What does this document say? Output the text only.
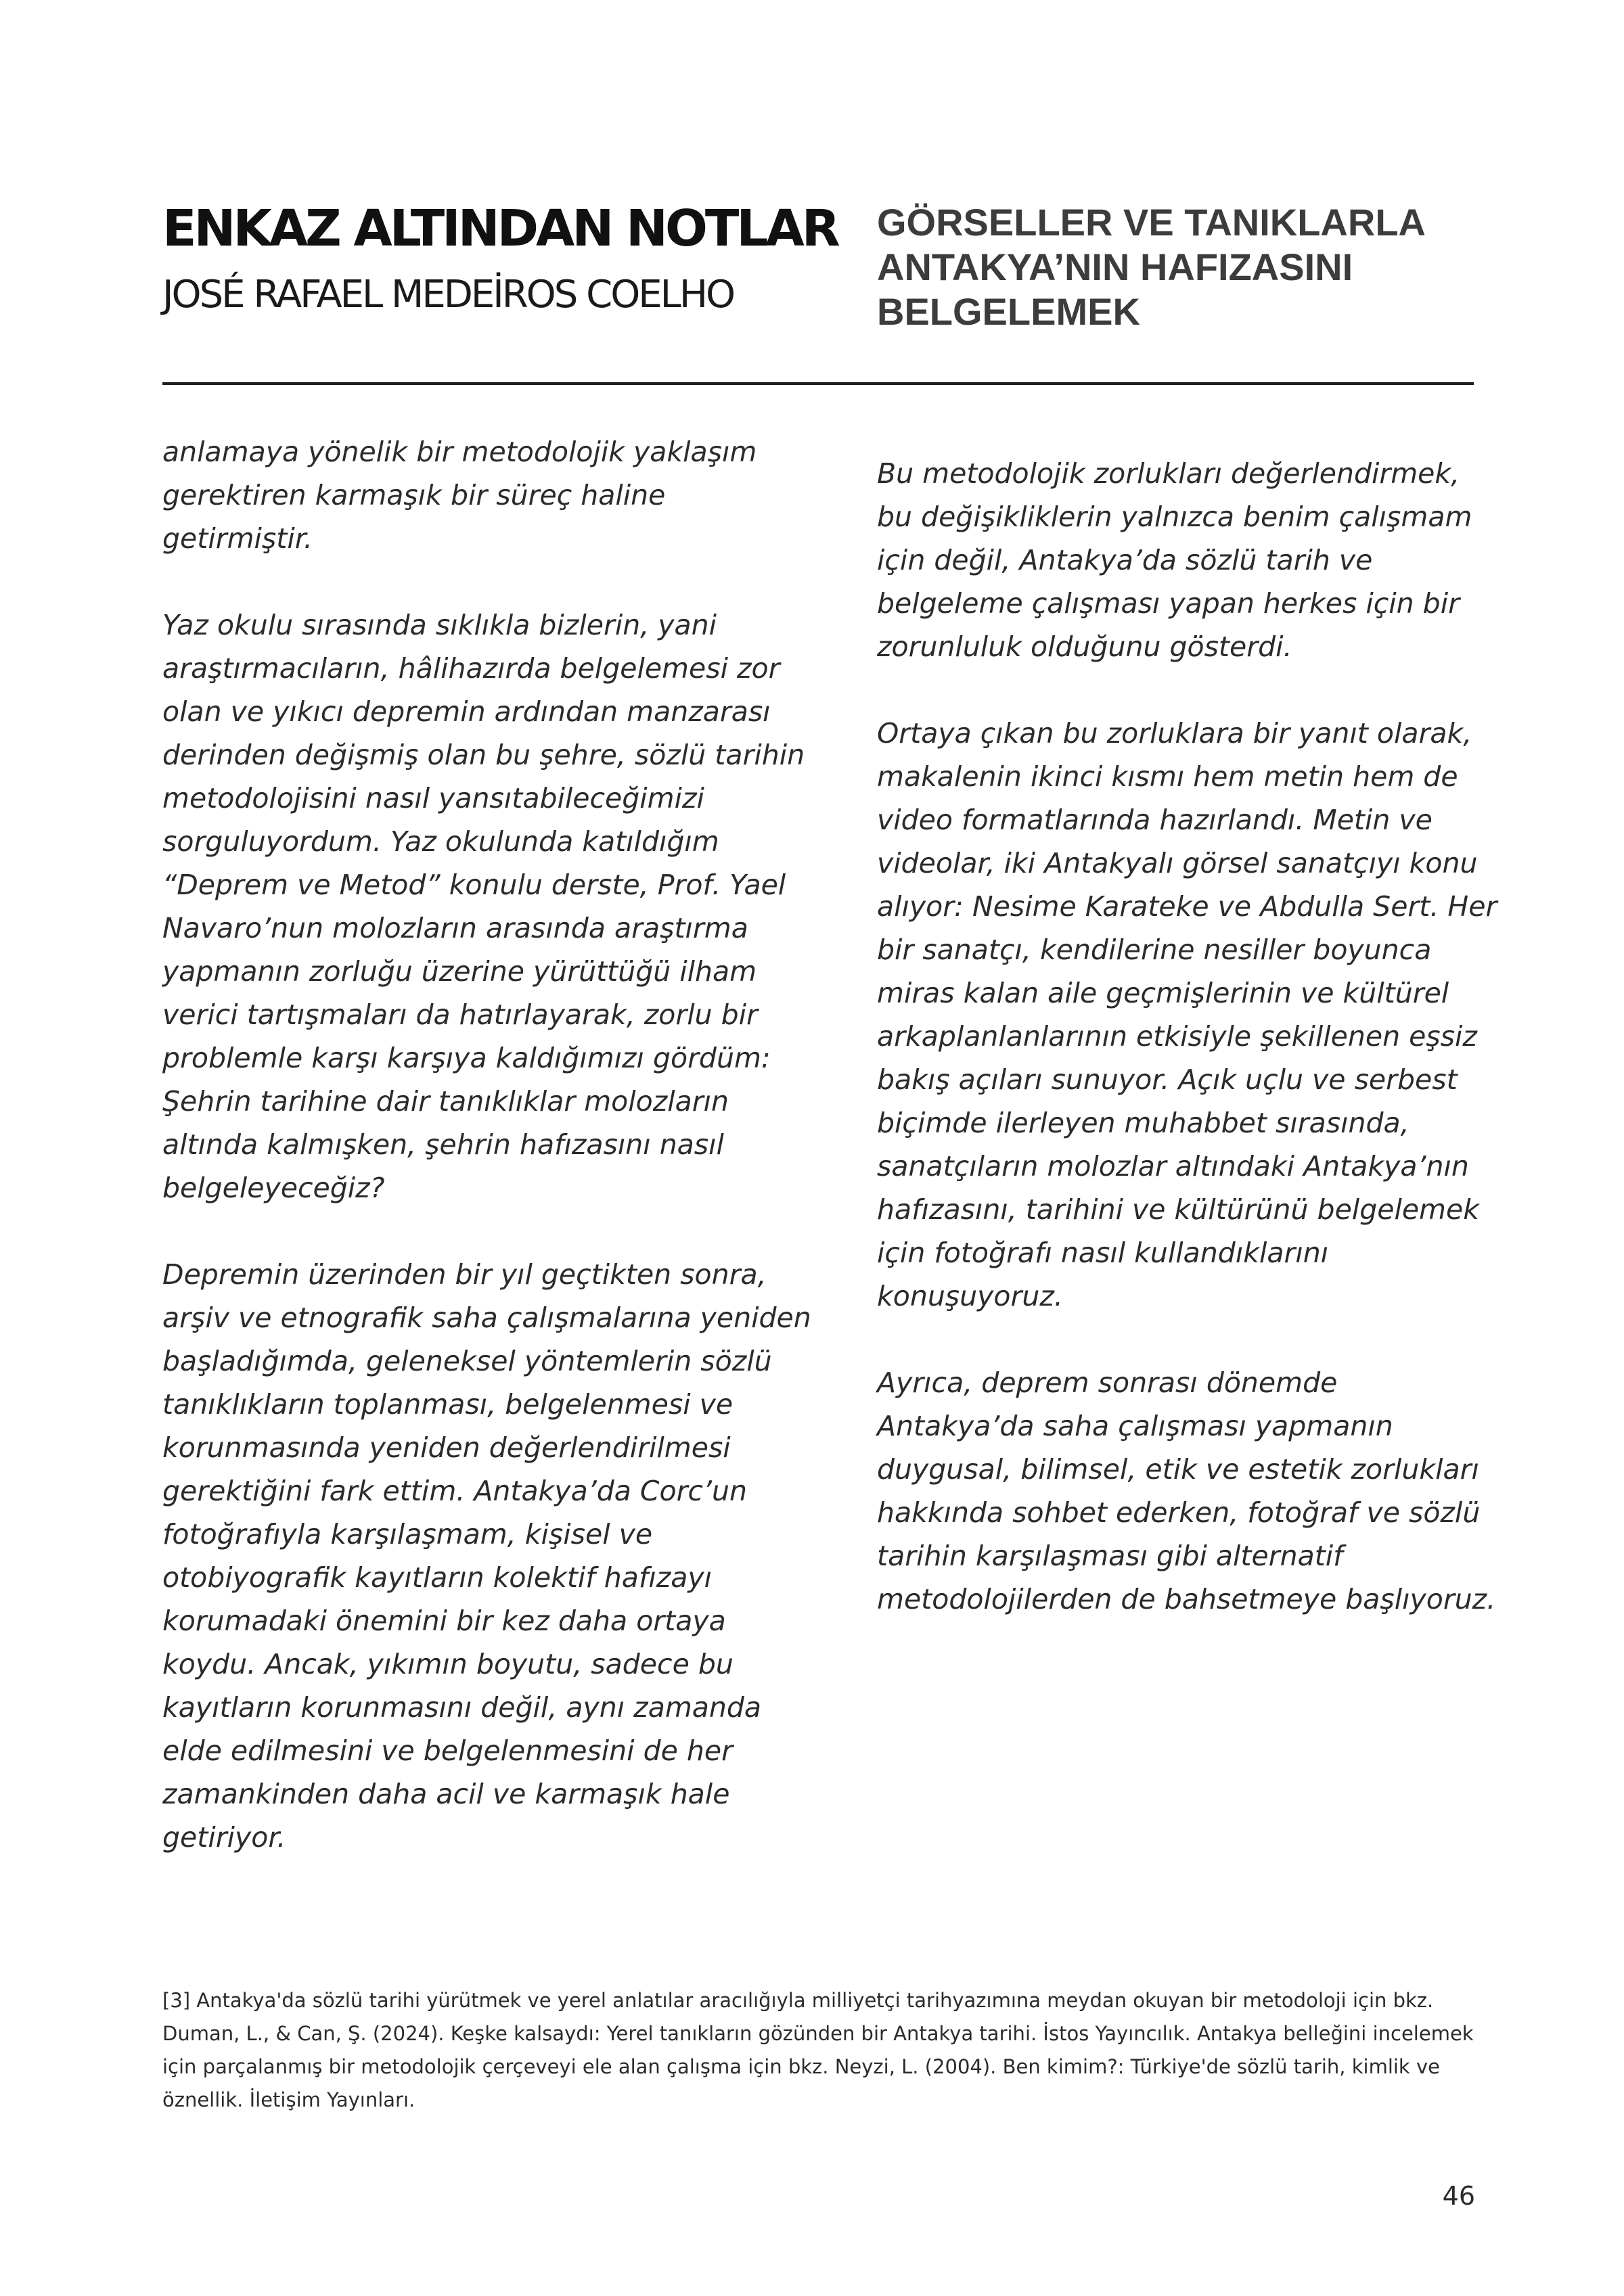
ENKAZ ALTINDAN NOTLAR
JOSÉ RAFAEL MEDEİROS COELHO
GÖRSELLER VE TANIKLARLA
ANTAKYA’NIN HAFIZASINI
BELGELEMEK

anlamaya yönelik bir metodolojik yaklaşım gerektiren karmaşık bir süreç haline getirmiştir.

Yaz okulu sırasında sıklıkla bizlerin, yani araştırmacıların, hâlihazırda belgelemesi zor olan ve yıkıcı depremin ardından manzarası derinden değişmiş olan bu şehre, sözlü tarihin metodolojisini nasıl yansıtabileceğimizi sorguluyordum. Yaz okulunda katıldığım “Deprem ve Metod” konulu derste, Prof. Yael Navaro’nun molozların arasında araştırma yapmanın zorluğu üzerine yürüttüğü ilham verici tartışmaları da hatırlayarak, zorlu bir problemle karşı karşıya kaldığımızı gördüm: Şehrin tarihine dair tanıklıklar molozların altında kalmışken, şehrin hafızasını nasıl belgeleyeceğiz?

Depremin üzerinden bir yıl geçtikten sonra, arşiv ve etnografik saha çalışmalarına yeniden başladığımda, geleneksel yöntemlerin sözlü tanıklıkların toplanması, belgelenmesi ve korunmasında yeniden değerlendirilmesi gerektiğini fark ettim. Antakya’da Corc’un fotoğrafıyla karşılaşmam, kişisel ve otobiyografik kayıtların kolektif hafızayı korumadaki önemini bir kez daha ortaya koydu. Ancak, yıkımın boyutu, sadece bu kayıtların korunmasını değil, aynı zamanda elde edilmesini ve belgelenmesini de her zamankinden daha acil ve karmaşık hale getiriyor.

Bu metodolojik zorlukları değerlendirmek, bu değişikliklerin yalnızca benim çalışmam için değil, Antakya’da sözlü tarih ve belgeleme çalışması yapan herkes için bir zorunluluk olduğunu gösterdi.

Ortaya çıkan bu zorluklara bir yanıt olarak, makalenin ikinci kısmı hem metin hem de video formatlarında hazırlandı. Metin ve videolar, iki Antakyalı görsel sanatçıyı konu alıyor: Nesime Karateke ve Abdulla Sert. Her bir sanatçı, kendilerine nesiller boyunca miras kalan aile geçmişlerinin ve kültürel arkaplanlanlarının etkisiyle şekillenen eşsiz bakış açıları sunuyor. Açık uçlu ve serbest biçimde ilerleyen muhabbet sırasında, sanatçıların molozlar altındaki Antakya’nın hafızasını, tarihini ve kültürünü belgelemek için fotoğrafı nasıl kullandıklarını konuşuyoruz.

Ayrıca, deprem sonrası dönemde Antakya’da saha çalışması yapmanın duygusal, bilimsel, etik ve estetik zorlukları hakkında sohbet ederken, fotoğraf ve sözlü tarihin karşılaşması gibi alternatif metodolojilerden de bahsetmeye başlıyoruz.

[3] Antakya'da sözlü tarihi yürütmek ve yerel anlatılar aracılığıyla milliyetçi tarihyazımına meydan okuyan bir metodoloji için bkz. Duman, L., & Can, Ş. (2024). Keşke kalsaydı: Yerel tanıkların gözünden bir Antakya tarihi. İstos Yayıncılık. Antakya belleğini incelemek için parçalanmış bir metodolojik çerçeveyi ele alan çalışma için bkz. Neyzi, L. (2004). Ben kimim?: Türkiye'de sözlü tarih, kimlik ve öznellik. İletişim Yayınları.

46
